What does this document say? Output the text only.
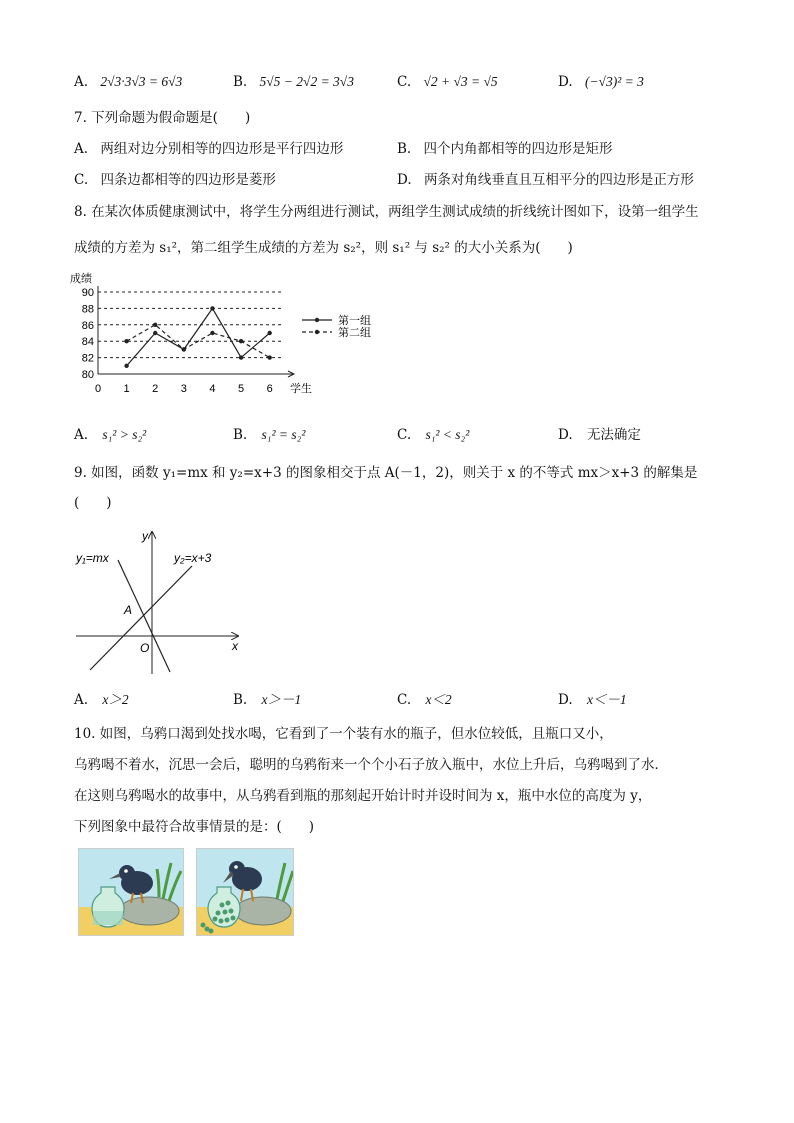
A. 2√3·3√3 = 6√3	B. 5√5 − 2√2 = 3√3	C. √2 + √3 = √5	D. (−√3)² = 3
7. 下列命题为假命题是(　　)
A. 两组对边分别相等的四边形是平行四边形	B. 四个内角都相等的四边形是矩形
C. 四条边都相等的四边形是菱形	D. 两条对角线垂直且互相平分的四边形是正方形
8. 在某次体质健康测试中，将学生分两组进行测试，两组学生测试成绩的折线统计图如下，设第一组学生
成绩的方差为 s₁²，第二组学生成绩的方差为 s₂²，则 s₁² 与 s₂² 的大小关系为(　　)
80
82
84
86
88
90
0 1 2 3 4 5 6
成绩
学生
第一组
第二组
A. s₁² > s₂²	B. s₁² = s₂²	C. s₁² < s₂²	D. 无法确定
9. 如图，函数 y₁=mx 和 y₂=x+3 的图象相交于点 A(－1，2)，则关于 x 的不等式 mx＞x+3 的解集是
(　　)
y₁=mx	y₂=x+3
y
x
A
O
A. x＞2	B. x＞－1	C. x＜2	D. x＜－1
10. 如图，乌鸦口渴到处找水喝，它看到了一个装有水的瓶子，但水位较低，且瓶口又小，
乌鸦喝不着水，沉思一会后，聪明的乌鸦衔来一个个小石子放入瓶中，水位上升后，乌鸦喝到了水．
在这则乌鸦喝水的故事中，从乌鸦看到瓶的那刻起开始计时并设时间为 x，瓶中水位的高度为 y，
下列图象中最符合故事情景的是：(　　)
